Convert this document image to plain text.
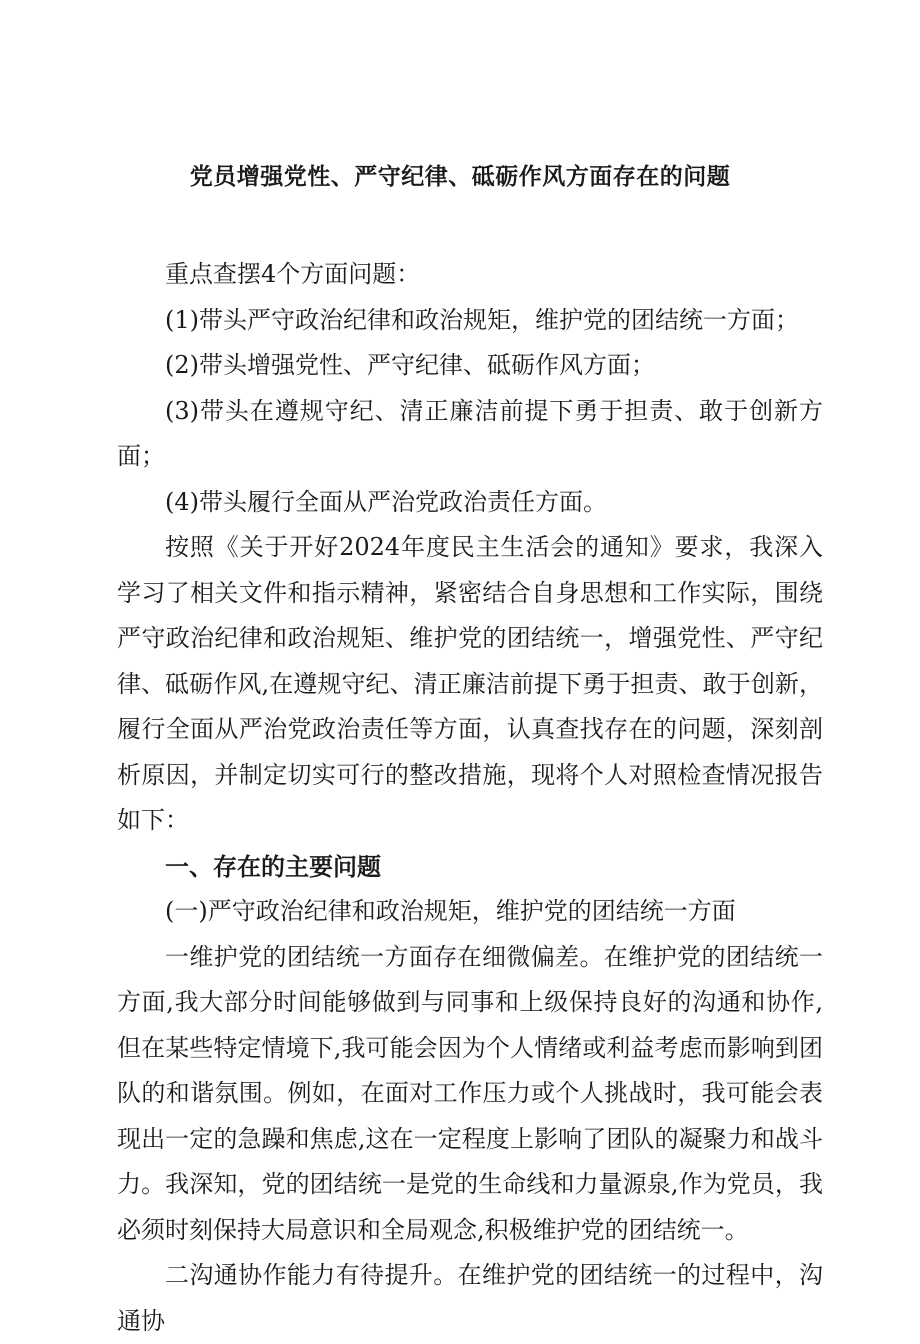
党员增强党性、严守纪律、砥砺作风方面存在的问题

重点查摆4个方面问题：

(1)带头严守政治纪律和政治规矩，维护党的团结统一方面；

(2)带头增强党性、严守纪律、砥砺作风方面；

(3)带头在遵规守纪、清正廉洁前提下勇于担责、敢于创新方面；

(4)带头履行全面从严治党政治责任方面。

按照《关于开好2024年度民主生活会的通知》要求，我深入学习了相关文件和指示精神，紧密结合自身思想和工作实际，围绕严守政治纪律和政治规矩、维护党的团结统一，增强党性、严守纪律、砥砺作风,在遵规守纪、清正廉洁前提下勇于担责、敢于创新，履行全面从严治党政治责任等方面，认真查找存在的问题，深刻剖析原因，并制定切实可行的整改措施，现将个人对照检查情况报告如下：

一、存在的主要问题

(一)严守政治纪律和政治规矩，维护党的团结统一方面

一维护党的团结统一方面存在细微偏差。在维护党的团结统一方面,我大部分时间能够做到与同事和上级保持良好的沟通和协作,但在某些特定情境下,我可能会因为个人情绪或利益考虑而影响到团队的和谐氛围。例如，在面对工作压力或个人挑战时，我可能会表现出一定的急躁和焦虑,这在一定程度上影响了团队的凝聚力和战斗力。我深知，党的团结统一是党的生命线和力量源泉,作为党员，我必须时刻保持大局意识和全局观念,积极维护党的团结统一。

二沟通协作能力有待提升。在维护党的团结统一的过程中，沟通协
